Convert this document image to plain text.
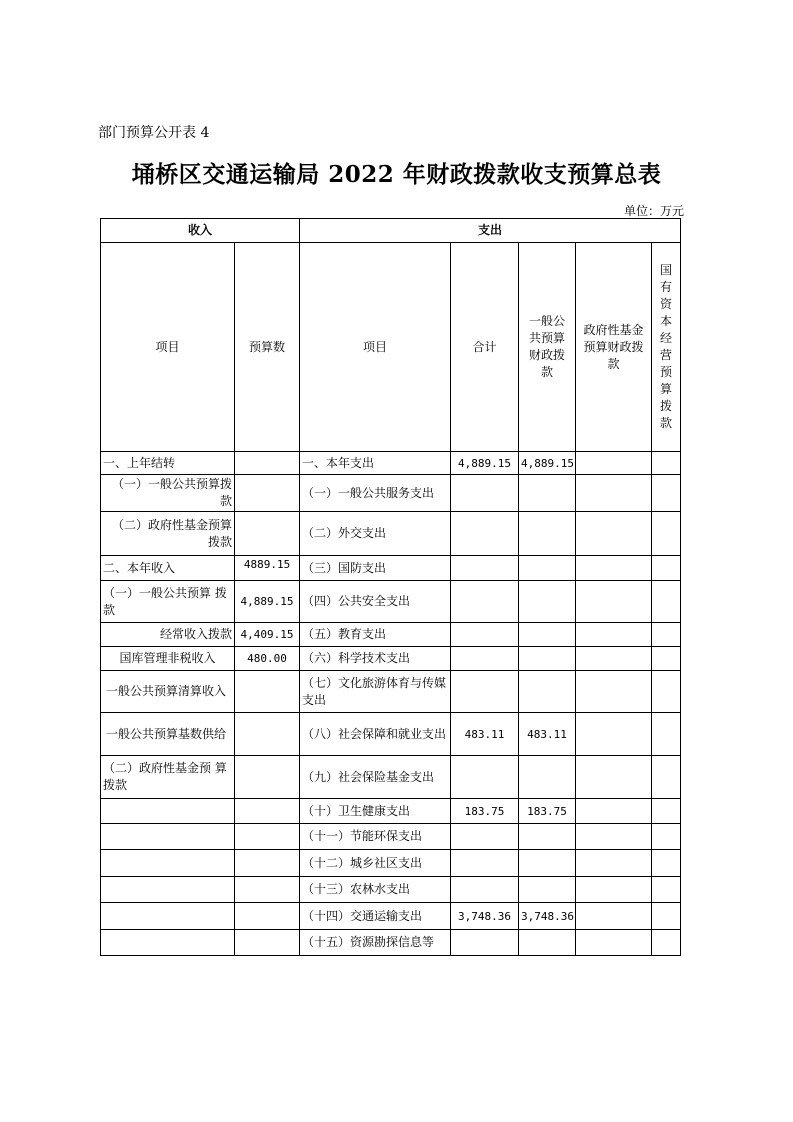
部门预算公开表 4
埇桥区交通运输局 2022 年财政拨款收支预算总表
单位：万元
收入		支出				
项目	预算数	项目	合计	一般公共预算财政拨款	政府性基金预算财政拨款	国有资本经营预算拨款
一、上年结转		一、本年支出	4,889.15	4,889.15		
（一）一般公共预算拨款		（一）一般公共服务支出				
（二）政府性基金预算拨款		（二）外交支出				
二、本年收入	4889.15	（三）国防支出				
（一）一般公共预算 拨款	4,889.15	（四）公共安全支出				
经常收入拨款	4,409.15	（五）教育支出				
国库管理非税收入	480.00	（六）科学技术支出				
一般公共预算清算收入		（七）文化旅游体育与传媒支出				
一般公共预算基数供给		（八）社会保障和就业支出	483.11	483.11		
（二）政府性基金预 算拨款		（九）社会保险基金支出				
		（十）卫生健康支出	183.75	183.75		
		（十一）节能环保支出				
		（十二）城乡社区支出				
		（十三）农林水支出				
		（十四）交通运输支出	3,748.36	3,748.36		
		（十五）资源勘探信息等				
